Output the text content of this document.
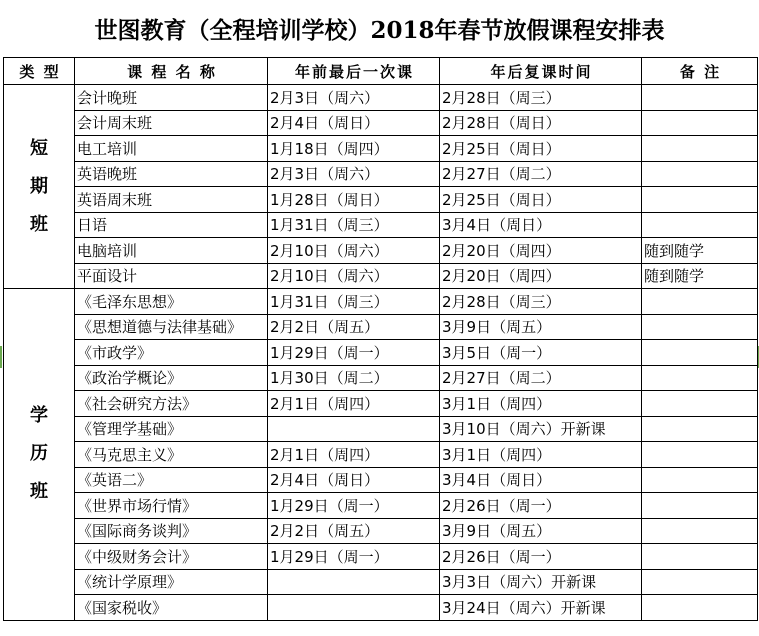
世图教育（全程培训学校）2018年春节放假课程安排表
类 型	课 程 名 称	年前最后一次课	年后复课时间	备 注

短期班	会计晚班	2月3日（周六）	2月28日（周三）	
	会计周末班	2月4日（周日）	2月28日（周日）	
	电工培训	1月18日（周四）	2月25日（周日）	
	英语晚班	2月3日（周六）	2月27日（周二）	
	英语周末班	1月28日（周日）	2月25日（周日）	
	日语	1月31日（周三）	3月4日（周日）	
	电脑培训	2月10日（周六）	2月20日（周四）	随到随学
	平面设计	2月10日（周六）	2月20日（周四）	随到随学

学历班	《毛泽东思想》	1月31日（周三）	2月28日（周三）	
	《思想道德与法律基础》	2月2日（周五）	3月9日（周五）	
	《市政学》	1月29日（周一）	3月5日（周一）	
	《政治学概论》	1月30日（周二）	2月27日（周二）	
	《社会研究方法》	2月1日（周四）	3月1日（周四）	
	《管理学基础》		3月10日（周六）开新课	
	《马克思主义》	2月1日（周四）	3月1日（周四）	
	《英语二》	2月4日（周日）	3月4日（周日）	
	《世界市场行情》	1月29日（周一）	2月26日（周一）	
	《国际商务谈判》	2月2日（周五）	3月9日（周五）	
	《中级财务会计》	1月29日（周一）	2月26日（周一）	
	《统计学原理》		3月3日（周六）开新课	
	《国家税收》		3月24日（周六）开新课	
